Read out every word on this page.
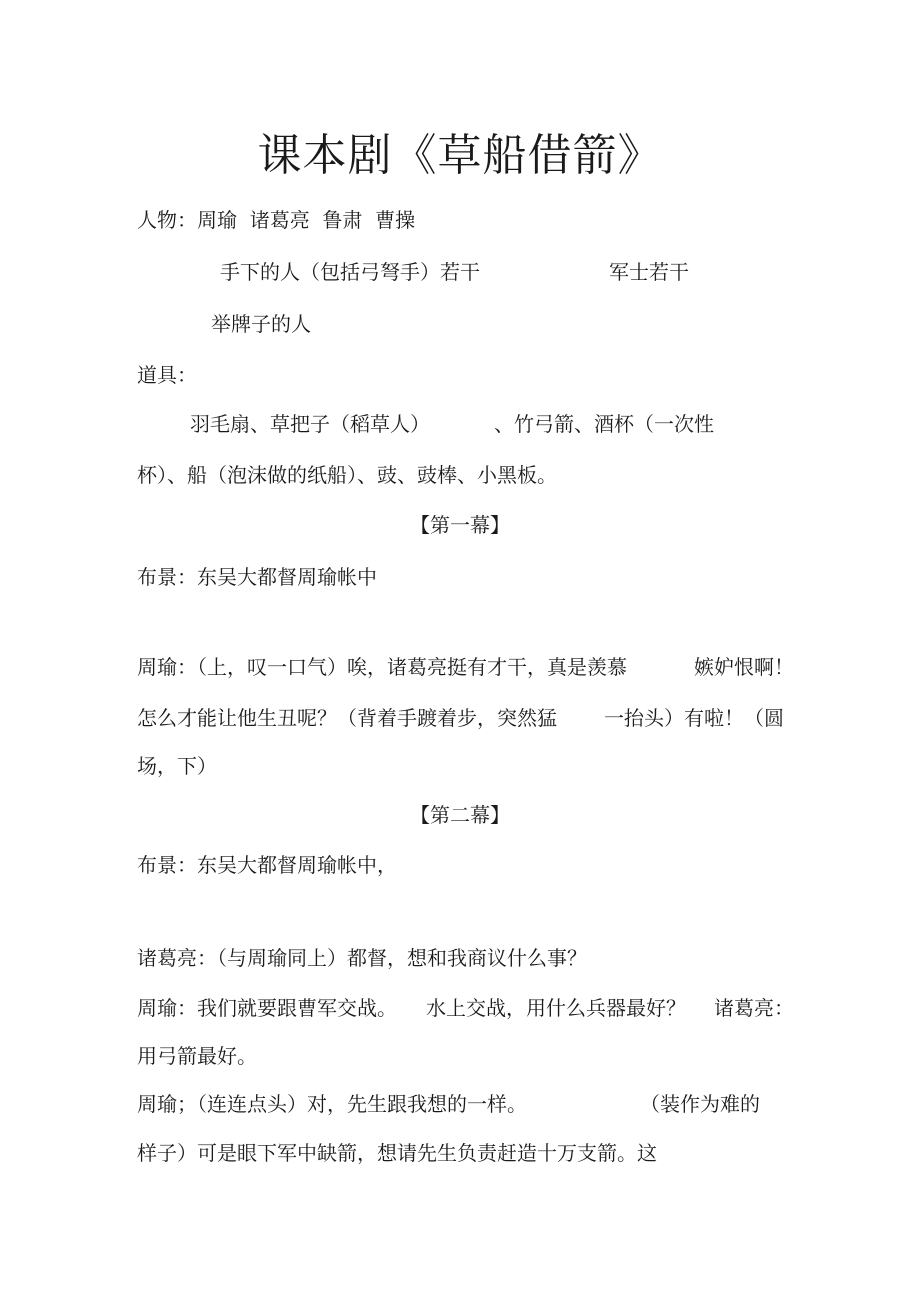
课本剧《草船借箭》
人物：周瑜  诸葛亮  鲁肃  曹操
手下的人（包括弓弩手）若干	军士若干
举牌子的人
道具：
羽毛扇、草把子（稻草人）	、竹弓箭、酒杯（一次性
杯）、船（泡沫做的纸船）、豉、豉棒、小黑板。
【第一幕】
布景：东吴大都督周瑜帐中
周瑜：（上，叹一口气）唉，诸葛亮挺有才干，真是羡慕	嫉妒恨啊！
怎么才能让他生丑呢？（背着手踱着步，突然猛 一抬头）有啦！（圆
场，下）
【第二幕】
布景：东吴大都督周瑜帐中，
诸葛亮：（与周瑜同上）都督，想和我商议什么事？
周瑜：我们就要跟曹军交战。 水上交战，用什么兵器最好？ 诸葛亮：
用弓箭最好。
周瑜；（连连点头）对，先生跟我想的一样。	（装作为难的
样子）可是眼下军中缺箭，想请先生负责赶造十万支箭。这
